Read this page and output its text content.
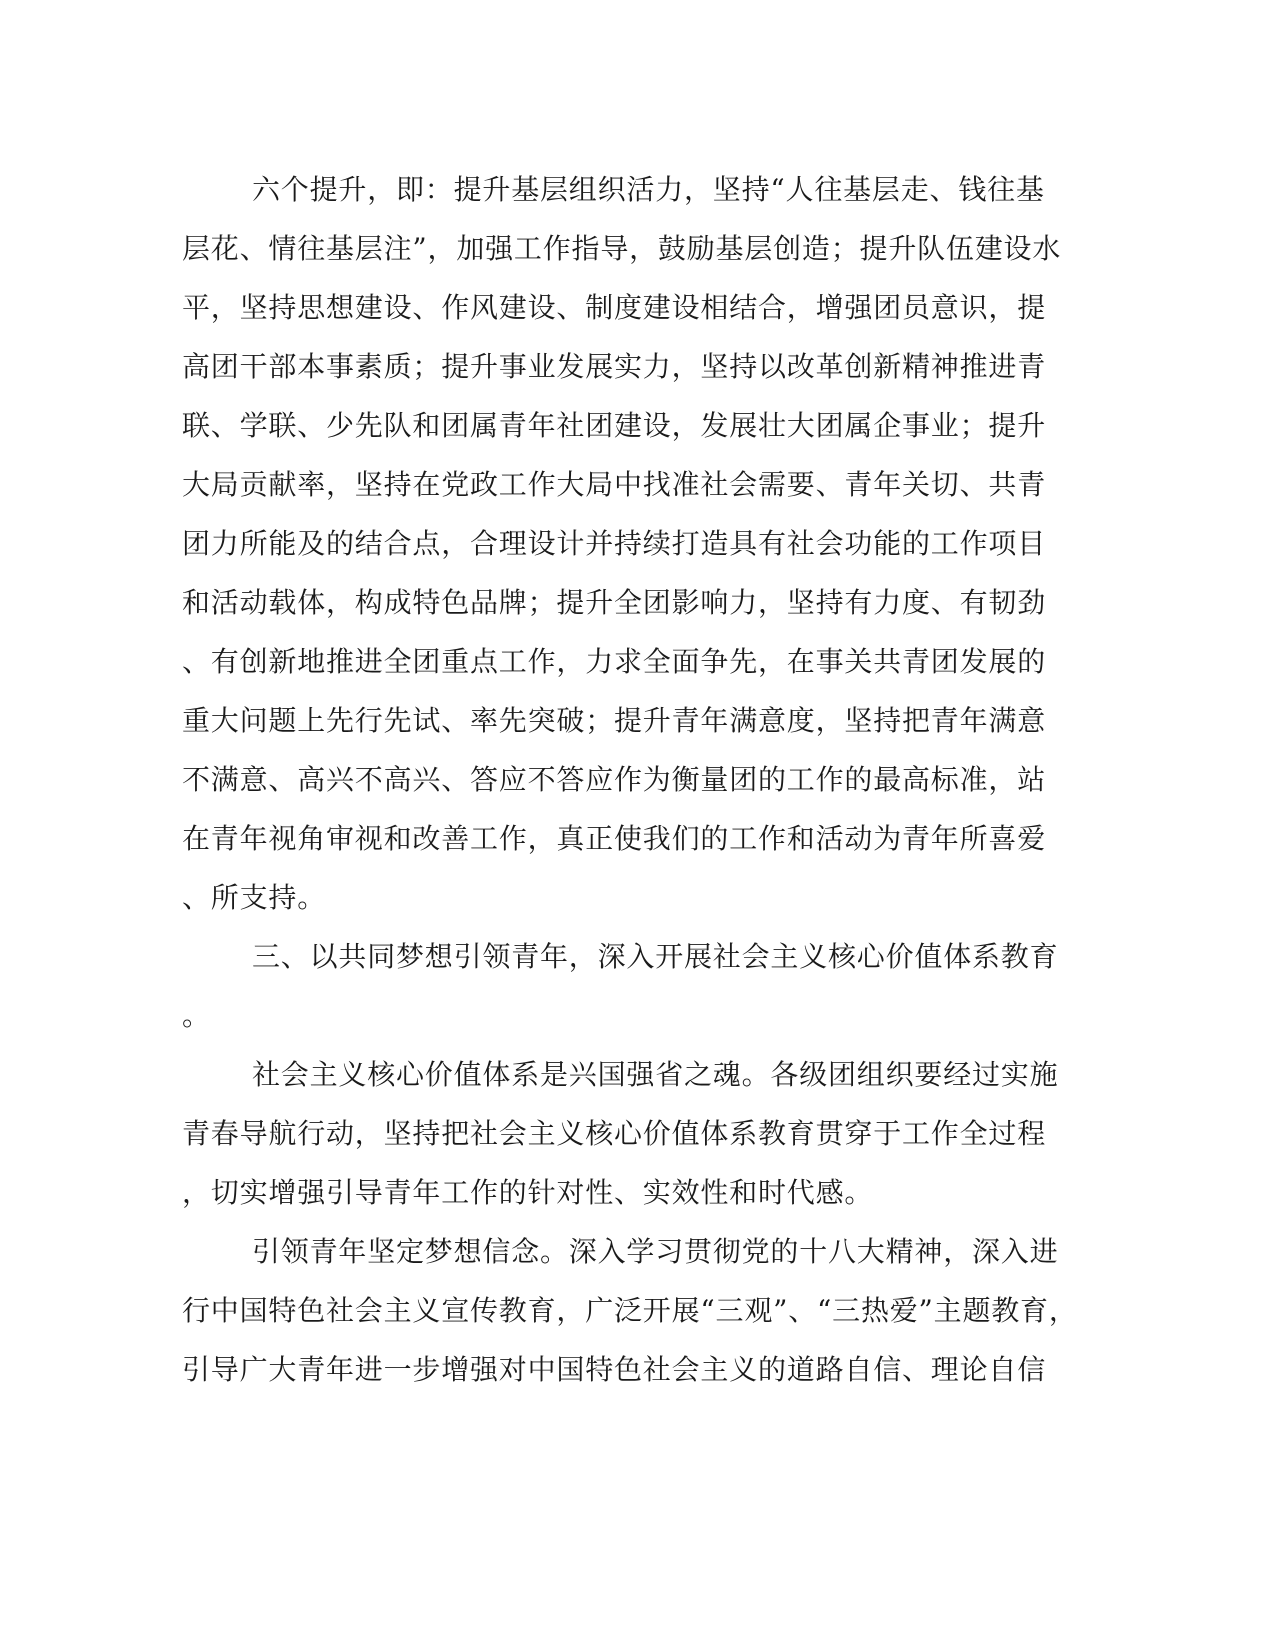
六个提升，即：提升基层组织活力，坚持“人往基层走、钱往基
层花、情往基层注”，加强工作指导，鼓励基层创造；提升队伍建设水
平，坚持思想建设、作风建设、制度建设相结合，增强团员意识，提
高团干部本事素质；提升事业发展实力，坚持以改革创新精神推进青
联、学联、少先队和团属青年社团建设，发展壮大团属企事业；提升
大局贡献率，坚持在党政工作大局中找准社会需要、青年关切、共青
团力所能及的结合点，合理设计并持续打造具有社会功能的工作项目
和活动载体，构成特色品牌；提升全团影响力，坚持有力度、有韧劲
、有创新地推进全团重点工作，力求全面争先，在事关共青团发展的
重大问题上先行先试、率先突破；提升青年满意度，坚持把青年满意
不满意、高兴不高兴、答应不答应作为衡量团的工作的最高标准，站
在青年视角审视和改善工作，真正使我们的工作和活动为青年所喜爱
、所支持。
三、以共同梦想引领青年，深入开展社会主义核心价值体系教育
。
社会主义核心价值体系是兴国强省之魂。各级团组织要经过实施
青春导航行动，坚持把社会主义核心价值体系教育贯穿于工作全过程
，切实增强引导青年工作的针对性、实效性和时代感。
引领青年坚定梦想信念。深入学习贯彻党的十八大精神，深入进
行中国特色社会主义宣传教育，广泛开展“三观”、“三热爱”主题教育，
引导广大青年进一步增强对中国特色社会主义的道路自信、理论自信
